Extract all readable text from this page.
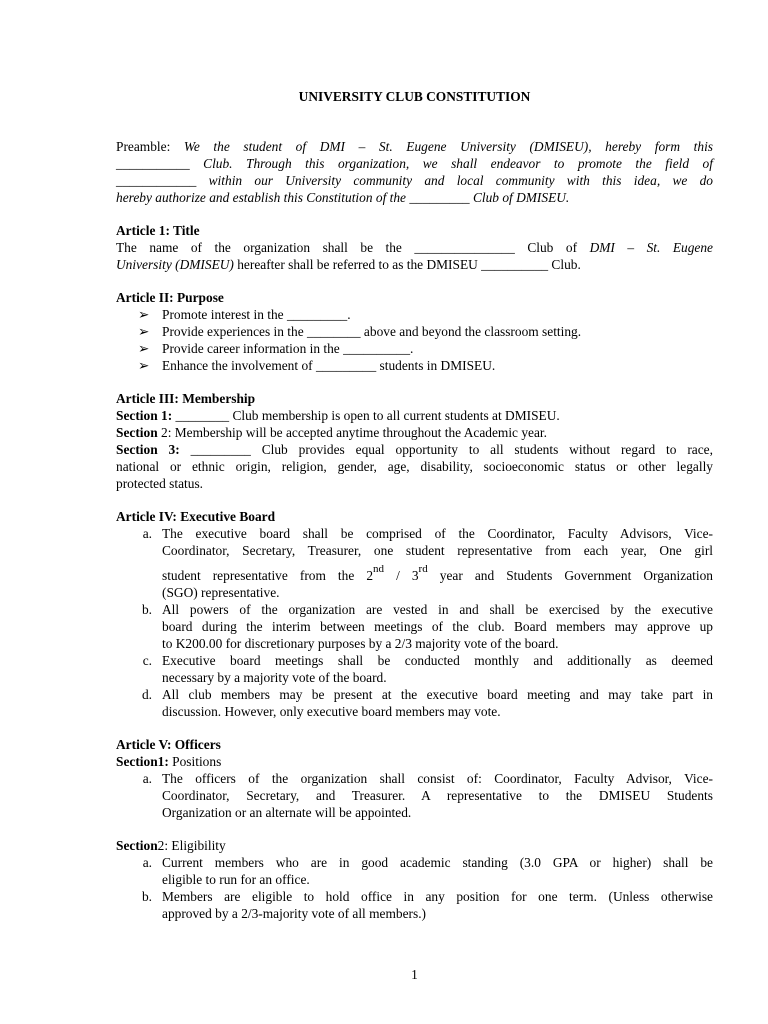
UNIVERSITY CLUB CONSTITUTION
Preamble: We the student of DMI – St. Eugene University (DMISEU), hereby form this
___________ Club. Through this organization, we shall endeavor to promote the field of
____________ within our University community and local community with this idea, we do
hereby authorize and establish this Constitution of the _________ Club of DMISEU.
Article 1: Title
The name of the organization shall be the _______________ Club of DMI – St. Eugene
University (DMISEU) hereafter shall be referred to as the DMISEU __________ Club.
Article II: Purpose
➢ Promote interest in the _________.
➢ Provide experiences in the ________ above and beyond the classroom setting.
➢ Provide career information in the __________.
➢ Enhance the involvement of _________ students in DMISEU.
Article III: Membership
Section 1: ________ Club membership is open to all current students at DMISEU.
Section 2: Membership will be accepted anytime throughout the Academic year.
Section 3: _________ Club provides equal opportunity to all students without regard to race,
national or ethnic origin, religion, gender, age, disability, socioeconomic status or other legally
protected status.
Article IV: Executive Board
a. The executive board shall be comprised of the Coordinator, Faculty Advisors, Vice-
Coordinator, Secretary, Treasurer, one student representative from each year, One girl
student representative from the 2nd / 3rd year and Students Government Organization
(SGO) representative.
b. All powers of the organization are vested in and shall be exercised by the executive
board during the interim between meetings of the club. Board members may approve up
to K200.00 for discretionary purposes by a 2/3 majority vote of the board.
c. Executive board meetings shall be conducted monthly and additionally as deemed
necessary by a majority vote of the board.
d. All club members may be present at the executive board meeting and may take part in
discussion. However, only executive board members may vote.
Article V: Officers
Section1: Positions
a. The officers of the organization shall consist of: Coordinator, Faculty Advisor, Vice-
Coordinator, Secretary, and Treasurer. A representative to the DMISEU Students
Organization or an alternate will be appointed.
Section2: Eligibility
a. Current members who are in good academic standing (3.0 GPA or higher) shall be
eligible to run for an office.
b. Members are eligible to hold office in any position for one term. (Unless otherwise
approved by a 2/3-majority vote of all members.)
1
